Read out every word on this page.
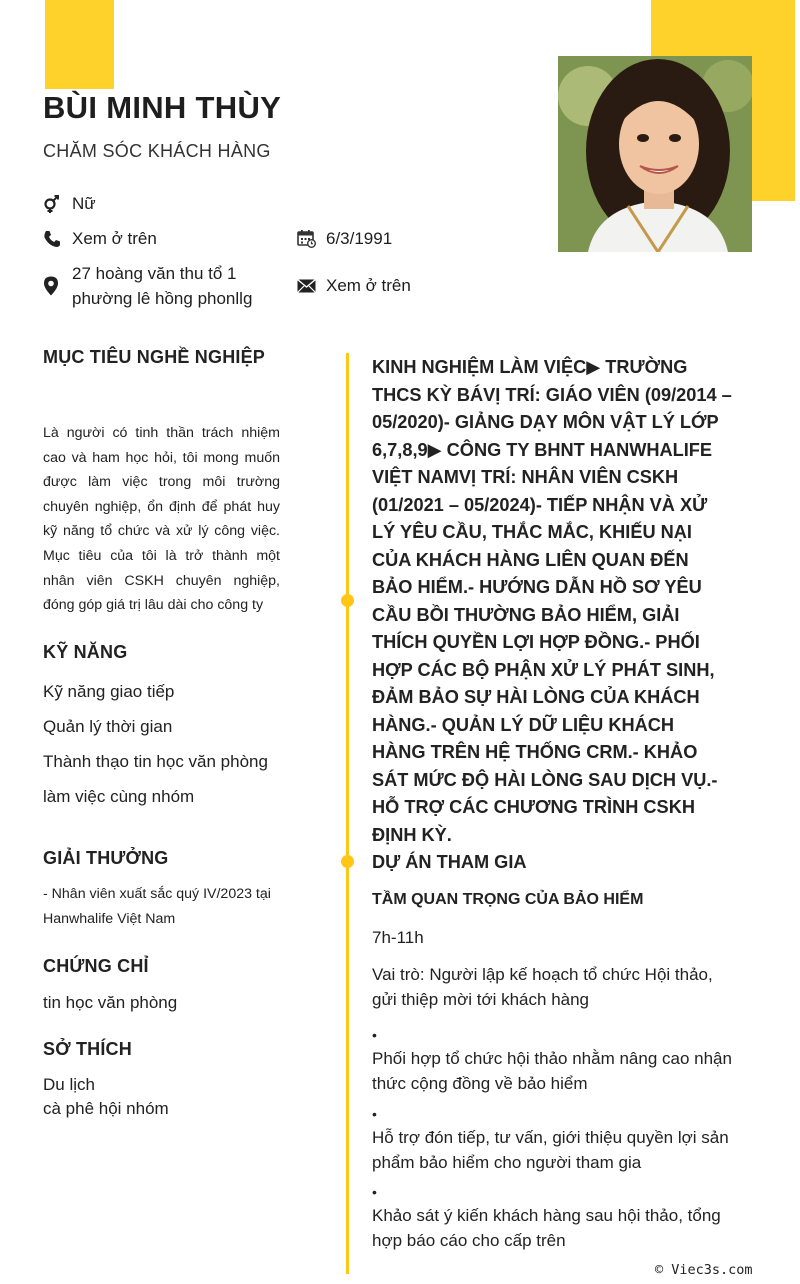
BÙI MINH THÙY
CHĂM SÓC KHÁCH HÀNG
Nữ
Xem ở trên	6/3/1991
27 hoàng văn thu tổ 1
phường lê hồng phonllg
Xem ở trên
MỤC TIÊU NGHỀ NGHIỆP
Là người có tinh thần trách nhiệm cao và ham học hỏi, tôi mong muốn được làm việc trong môi trường chuyên nghiệp, ổn định để phát huy kỹ năng tổ chức và xử lý công việc. Mục tiêu của tôi là trở thành một nhân viên CSKH chuyên nghiệp, đóng góp giá trị lâu dài cho công ty
KỸ NĂNG
Kỹ năng giao tiếp
Quản lý thời gian
Thành thạo tin học văn phòng
làm việc cùng nhóm
GIẢI THƯỞNG
- Nhân viên xuất sắc quý IV/2023 tại Hanwhalife Việt Nam
CHỨNG CHỈ
tin học văn phòng
SỞ THÍCH
Du lịch
cà phê hội nhóm
KINH NGHIỆM LÀM VIỆC▶ TRƯỜNG THCS KỲ BÁVỊ TRÍ: GIÁO VIÊN (09/2014 – 05/2020)- GIẢNG DẠY MÔN VẬT LÝ LỚP 6,7,8,9▶ CÔNG TY BHNT HANWHALIFE VIỆT NAMVỊ TRÍ: NHÂN VIÊN CSKH (01/2021 – 05/2024)- TIẾP NHẬN VÀ XỬ LÝ YÊU CẦU, THẮC MẮC, KHIẾU NẠI CỦA KHÁCH HÀNG LIÊN QUAN ĐẾN BẢO HIỂM.- HƯỚNG DẪN HỒ SƠ YÊU CẦU BỒI THƯỜNG BẢO HIỂM, GIẢI THÍCH QUYỀN LỢI HỢP ĐỒNG.- PHỐI HỢP CÁC BỘ PHẬN XỬ LÝ PHÁT SINH, ĐẢM BẢO SỰ HÀI LÒNG CỦA KHÁCH HÀNG.- QUẢN LÝ DỮ LIỆU KHÁCH HÀNG TRÊN HỆ THỐNG CRM.- KHẢO SÁT MỨC ĐỘ HÀI LÒNG SAU DỊCH VỤ.- HỖ TRỢ CÁC CHƯƠNG TRÌNH CSKH ĐỊNH KỲ.
DỰ ÁN THAM GIA
TẦM QUAN TRỌNG CỦA BẢO HIỂM
7h-11h
Vai trò: Người lập kế hoạch tổ chức Hội thảo, gửi thiệp mời tới khách hàng
•
Phối hợp tổ chức hội thảo nhằm nâng cao nhận thức cộng đồng về bảo hiểm
•
Hỗ trợ đón tiếp, tư vấn, giới thiệu quyền lợi sản phẩm bảo hiểm cho người tham gia
•
Khảo sát ý kiến khách hàng sau hội thảo, tổng hợp báo cáo cho cấp trên
© Viec3s.com
